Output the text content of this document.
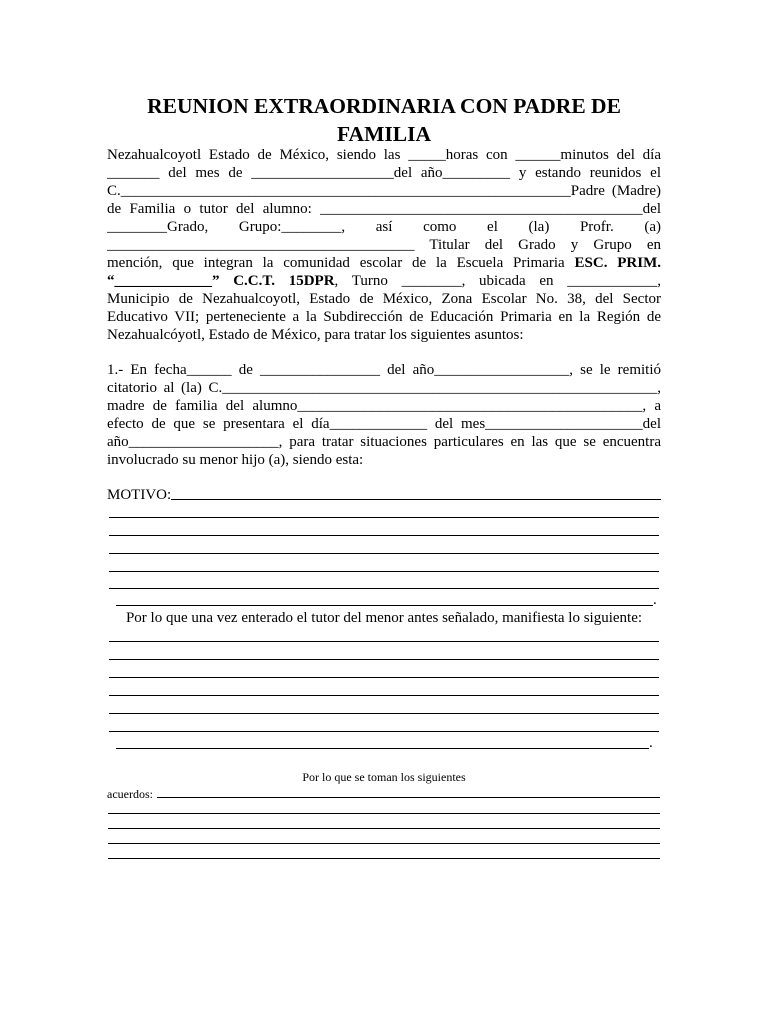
REUNION EXTRAORDINARIA CON PADRE DE
FAMILIA
Nezahualcoyotl Estado de México, siendo las _____horas con ______minutos del día
_______ del mes de ___________________del año_________ y estando reunidos el
C.____________________________________________________________Padre (Madre)
de Familia o tutor del alumno: ___________________________________________del
________Grado, Grupo:________, así como el (la) Profr. (a)
_________________________________________ Titular del Grado y Grupo en
mención, que integran la comunidad escolar de la Escuela Primaria ESC. PRIM.
“_____________” C.C.T. 15DPR, Turno ________, ubicada en ____________,
Municipio de Nezahualcoyotl, Estado de México, Zona Escolar No. 38, del Sector
Educativo VII; perteneciente a la Subdirección de Educación Primaria en la Región de
Nezahualcóyotl, Estado de México, para tratar los siguientes asuntos:
1.- En fecha______ de ________________ del año__________________, se le remitió
citatorio al (la) C.__________________________________________________________,
madre de familia del alumno______________________________________________, a
efecto de que se presentara el día_____________ del mes_____________________del
año____________________, para tratar situaciones particulares en las que se encuentra
involucrado su menor hijo (a), siendo esta:
MOTIVO:
.
Por lo que una vez enterado el tutor del menor antes señalado, manifiesta lo siguiente:
.
Por lo que se toman los siguientes
acuerdos:
